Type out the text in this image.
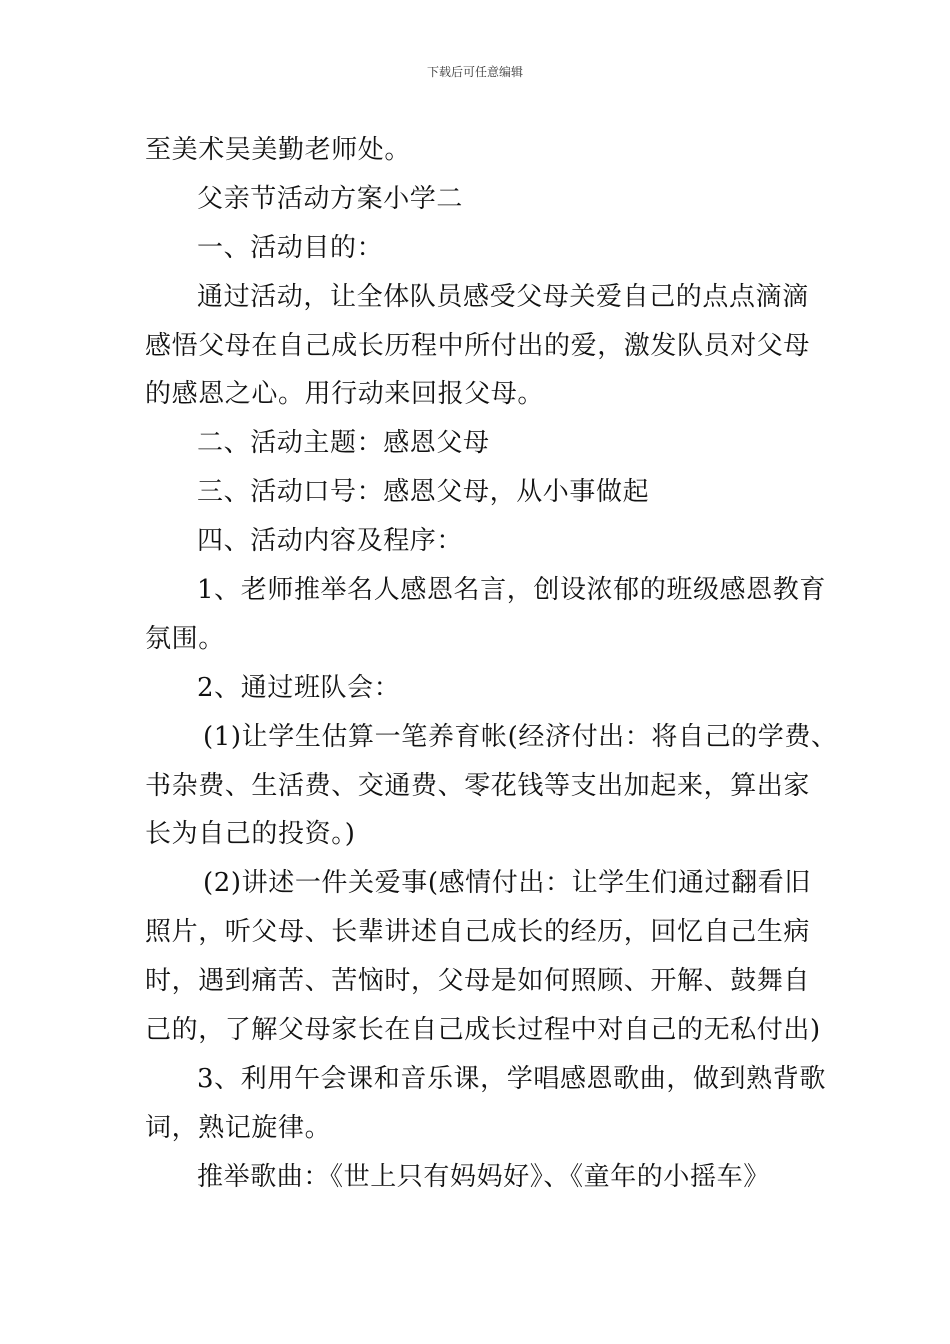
下载后可任意编辑
至美术吴美勤老师处。
父亲节活动方案小学二
一、活动目的：
通过活动，让全体队员感受父母关爱自己的点点滴滴
感悟父母在自己成长历程中所付出的爱，激发队员对父母
的感恩之心。用行动来回报父母。
二、活动主题：感恩父母
三、活动口号：感恩父母，从小事做起
四、活动内容及程序：
1、老师推举名人感恩名言，创设浓郁的班级感恩教育
氛围。
2、通过班队会：
(1)让学生估算一笔养育帐(经济付出：将自己的学费、
书杂费、生活费、交通费、零花钱等支出加起来，算出家
长为自己的投资。)
(2)讲述一件关爱事(感情付出：让学生们通过翻看旧
照片，听父母、长辈讲述自己成长的经历，回忆自己生病
时，遇到痛苦、苦恼时，父母是如何照顾、开解、鼓舞自
己的，了解父母家长在自己成长过程中对自己的无私付出)
3、利用午会课和音乐课，学唱感恩歌曲，做到熟背歌
词，熟记旋律。
推举歌曲：《世上只有妈妈好》、《童年的小摇车》
